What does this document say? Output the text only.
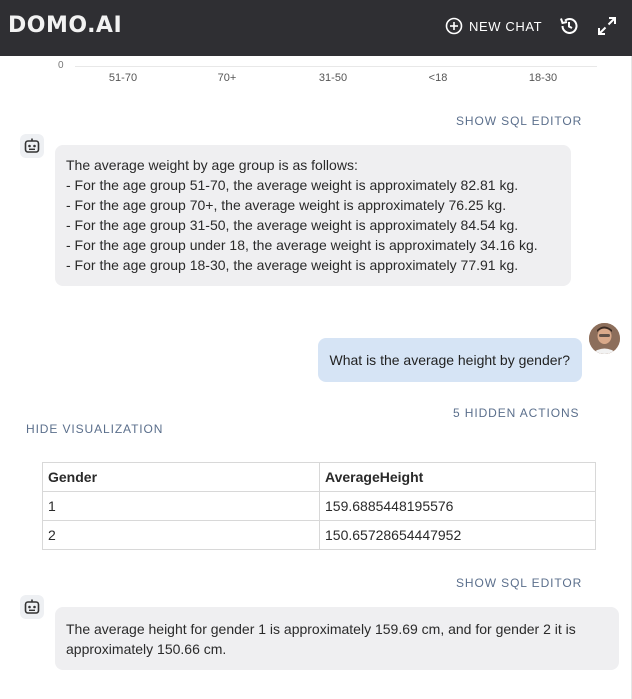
DOMO.AI	NEW CHAT
0
51-70	70+	31-50	<18	18-30
SHOW SQL EDITOR
The average weight by age group is as follows:
- For the age group 51-70, the average weight is approximately 82.81 kg.
- For the age group 70+, the average weight is approximately 76.25 kg.
- For the age group 31-50, the average weight is approximately 84.54 kg.
- For the age group under 18, the average weight is approximately 34.16 kg.
- For the age group 18-30, the average weight is approximately 77.91 kg.
What is the average height by gender?
5 HIDDEN ACTIONS
HIDE VISUALIZATION
Gender	AverageHeight
1	159.6885448195576
2	150.65728654447952
SHOW SQL EDITOR
The average height for gender 1 is approximately 159.69 cm, and for gender 2 it is
approximately 150.66 cm.
